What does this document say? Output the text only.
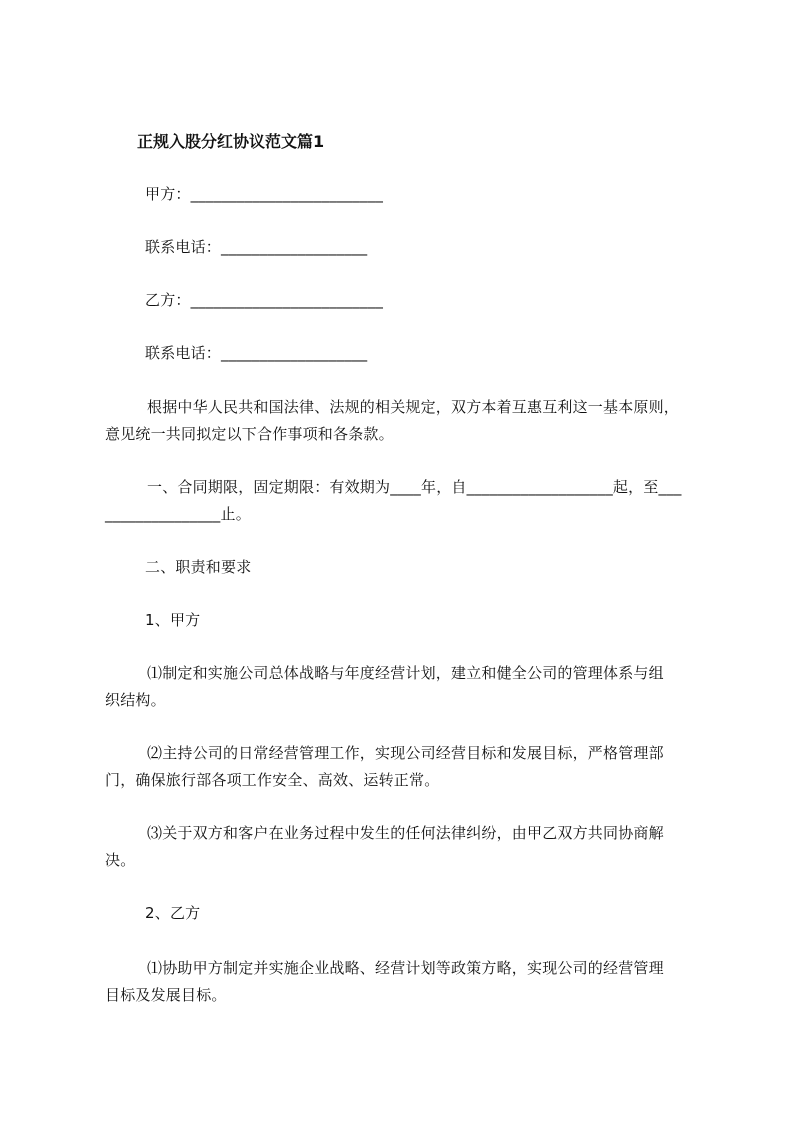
正规入股分红协议范文篇1
甲方：_________________________
联系电话：___________________
乙方：_________________________
联系电话：___________________
根据中华人民共和国法律、法规的相关规定，双方本着互惠互利这一基本原则，
意见统一共同拟定以下合作事项和各条款。
一、合同期限，固定期限：有效期为____年，自___________________起，至___
_______________止。
二、职责和要求
1、甲方
⑴制定和实施公司总体战略与年度经营计划，建立和健全公司的管理体系与组
织结构。
⑵主持公司的日常经营管理工作，实现公司经营目标和发展目标，严格管理部
门，确保旅行部各项工作安全、高效、运转正常。
⑶关于双方和客户在业务过程中发生的任何法律纠纷，由甲乙双方共同协商解
决。
2、乙方
⑴协助甲方制定并实施企业战略、经营计划等政策方略，实现公司的经营管理
目标及发展目标。
